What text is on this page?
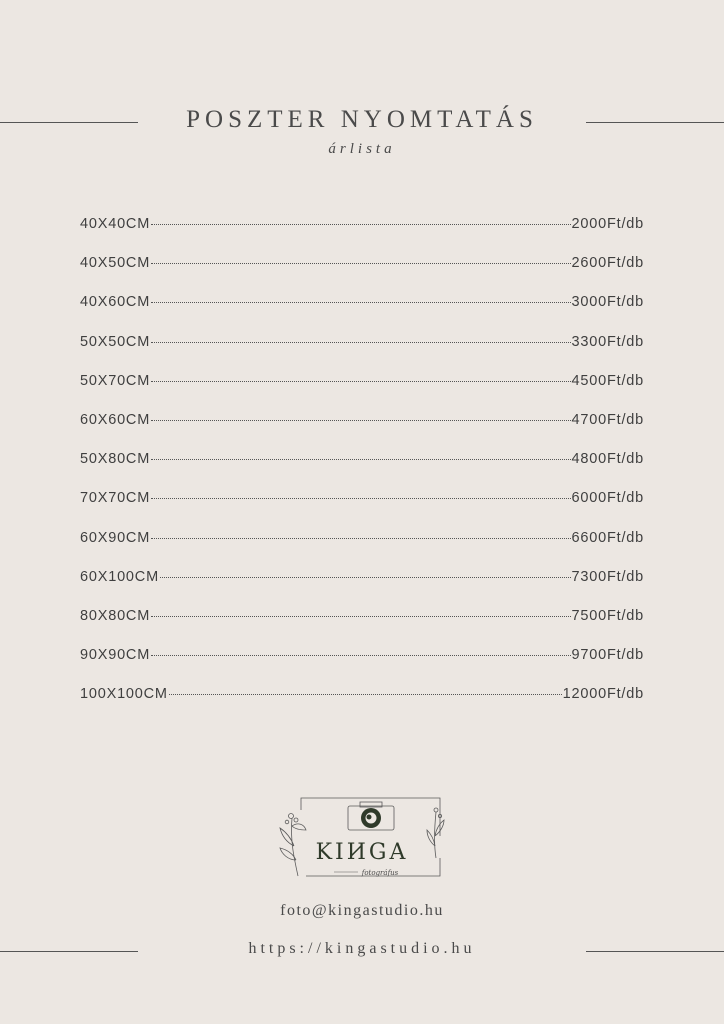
POSZTER NYOMTATÁS
árlista
40X40CM	2000Ft/db
40X50CM	2600Ft/db
40X60CM	3000Ft/db
50X50CM	3300Ft/db
50X70CM	4500Ft/db
60X60CM	4700Ft/db
50X80CM	4800Ft/db
70X70CM	6000Ft/db
60X90CM	6600Ft/db
60X100CM	7300Ft/db
80X80CM	7500Ft/db
90X90CM	9700Ft/db
100X100CM	12000Ft/db
KIИGA
fotográfus
foto@kingastudio.hu
https://kingastudio.hu
